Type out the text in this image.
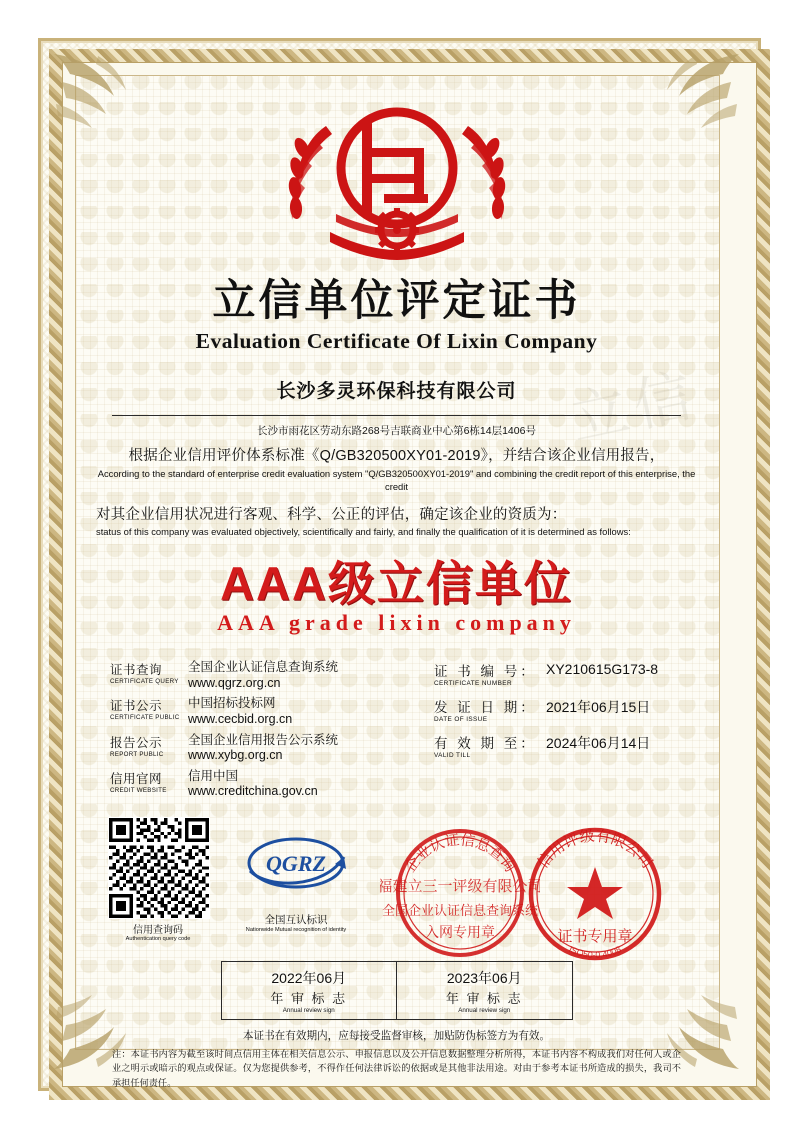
立信单位评定证书
Evaluation Certificate Of Lixin Company
长沙多灵环保科技有限公司
长沙市雨花区劳动东路268号吉联商业中心第6栋14层1406号
根据企业信用评价体系标准《Q/GB320500XY01-2019》，并结合该企业信用报告，
According to the standard of enterprise credit evaluation system "Q/GB320500XY01-2019" and combining the credit report of this enterprise, the credit
对其企业信用状况进行客观、科学、公正的评估，确定该企业的资质为：
status of this company was evaluated objectively, scientifically and fairly, and finally the qualification of it is determined as follows:
AAA级立信单位
AAA grade lixin company
证书查询
CERTIFICATE QUERY
全国企业认证信息查询系统
www.qgrz.org.cn
证书公示
CERTIFICATE PUBLIC
中国招标投标网
www.cecbid.org.cn
报告公示
REPORT PUBLIC
全国企业信用报告公示系统
www.xybg.org.cn
信用官网
CREDIT WEBSITE
信用中国
www.creditchina.gov.cn
证 书 编 号：
CERTIFICATE NUMBER
XY210615G173-8
发 证 日 期：
DATE OF ISSUE
2021年06月15日
有 效 期 至：
VALID TILL
2024年06月14日
信用查询码
Authentication query code
QGRZ
全国互认标识
Nationwide Mutual recognition of identity
企业认证信息查询
福建立三一评级有限公司
全国企业认证信息查询系统
入网专用章
信用评级有限公司
证书专用章
ISO50-0.4008
2022年06月
年 审 标 志
Annual review sign
2023年06月
年 审 标 志
Annual review sign
本证书在有效期内，应每接受监督审核，加贴防伪标签方为有效。
注：本证书内容为截至该时间点信用主体在相关信息公示、申报信息以及公开信息数据整理分析所得，本证书内容不构成我们对任何人或企业之明示或暗示的观点或保证。仅为您提供参考，不得作任何法律诉讼的依据或是其他非法用途。对由于参考本证书所造成的损失，我司不承担任何责任。
